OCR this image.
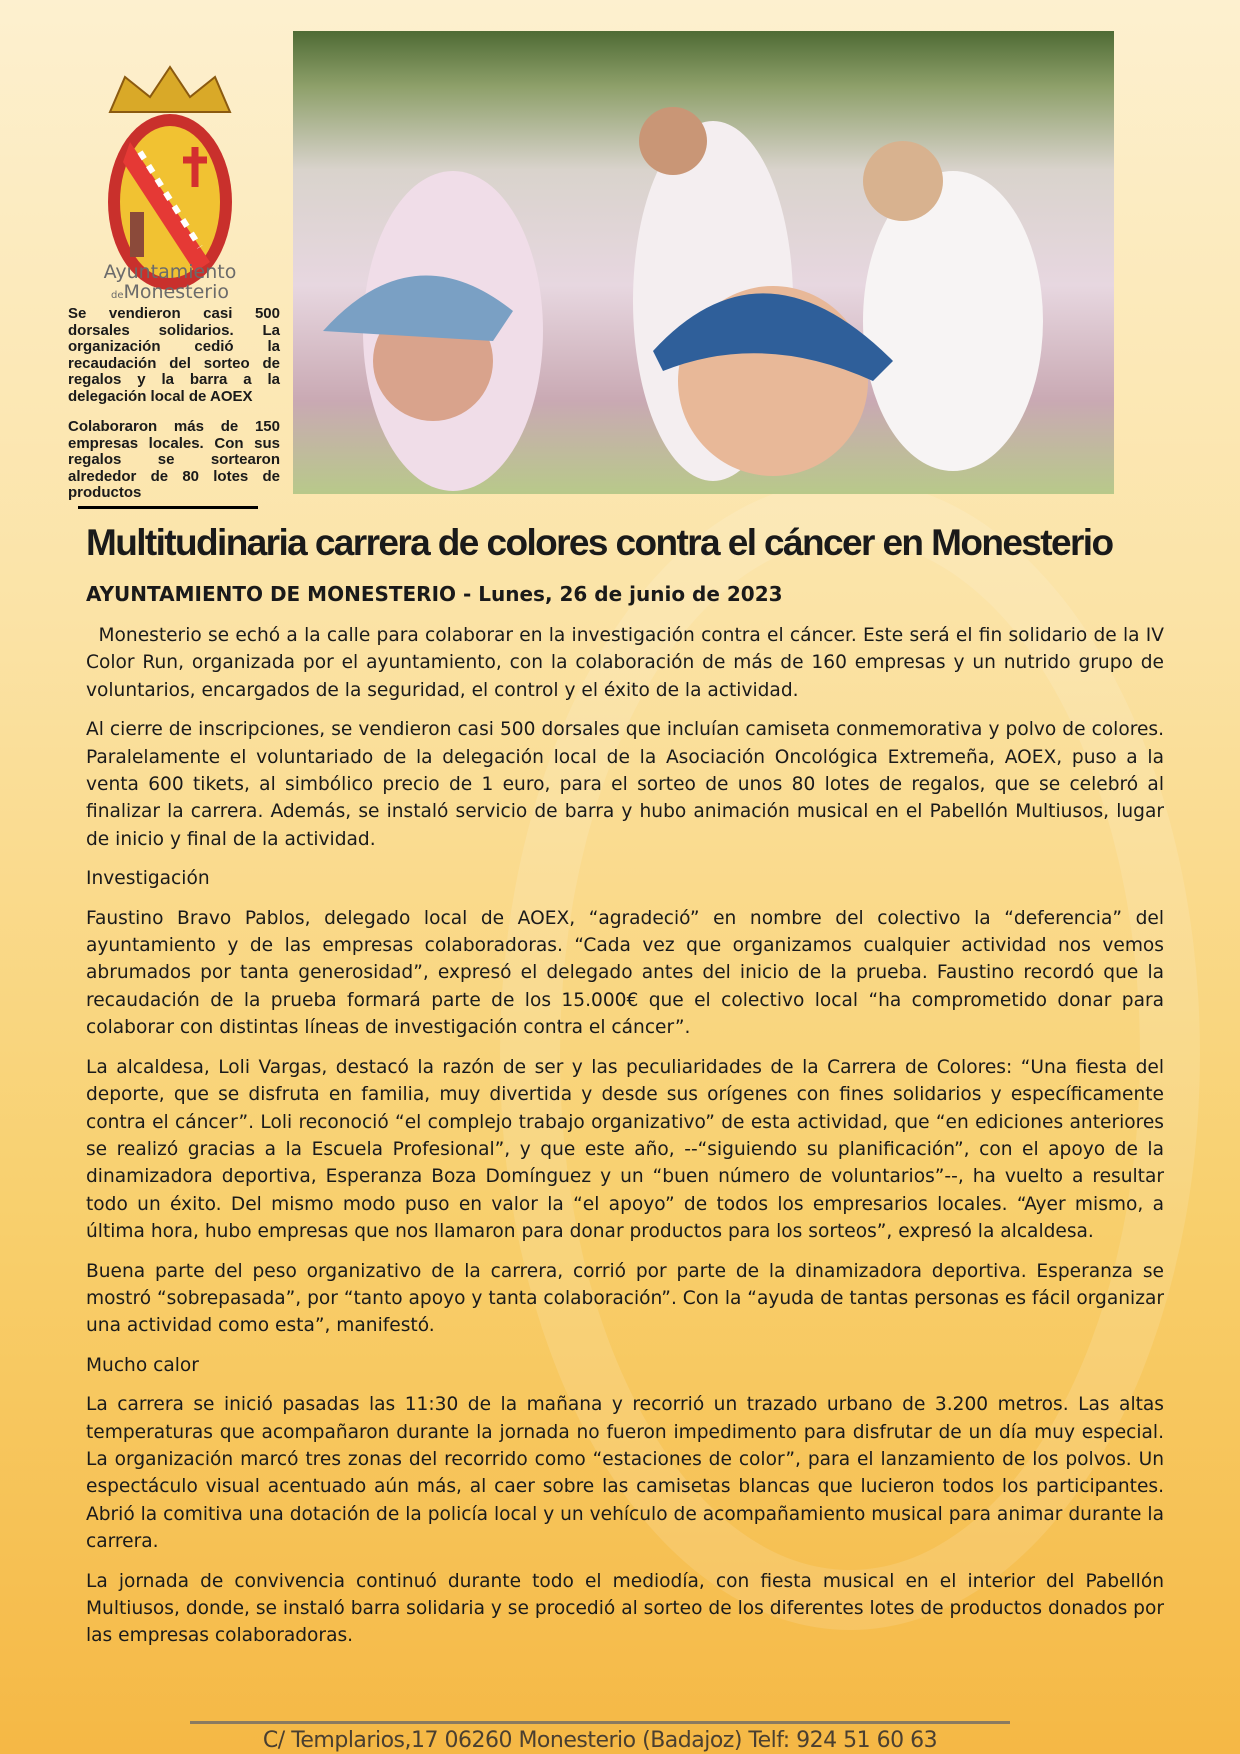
Ayuntamiento
deMonesterio

Se vendieron casi 500 dorsales solidarios. La organización cedió la recaudación del sorteo de regalos y la barra a la delegación local de AOEX

Colaboraron más de 150 empresas locales. Con sus regalos se sortearon alrededor de 80 lotes de productos

Multitudinaria carrera de colores contra el cáncer en Monesterio
AYUNTAMIENTO DE MONESTERIO - Lunes, 26 de junio de 2023

Monesterio se echó a la calle para colaborar en la investigación contra el cáncer. Este será el fin solidario de la IV Color Run, organizada por el ayuntamiento, con la colaboración de más de 160 empresas y un nutrido grupo de voluntarios, encargados de la seguridad, el control y el éxito de la actividad.

Al cierre de inscripciones, se vendieron casi 500 dorsales que incluían camiseta conmemorativa y polvo de colores. Paralelamente el voluntariado de la delegación local de la Asociación Oncológica Extremeña, AOEX, puso a la venta 600 tikets, al simbólico precio de 1 euro, para el sorteo de unos 80 lotes de regalos, que se celebró al finalizar la carrera. Además, se instaló servicio de barra y hubo animación musical en el Pabellón Multiusos, lugar de inicio y final de la actividad.

Investigación

Faustino Bravo Pablos, delegado local de AOEX, “agradeció” en nombre del colectivo la “deferencia” del ayuntamiento y de las empresas colaboradoras. “Cada vez que organizamos cualquier actividad nos vemos abrumados por tanta generosidad”, expresó el delegado antes del inicio de la prueba. Faustino recordó que la recaudación de la prueba formará parte de los 15.000€ que el colectivo local “ha comprometido donar para colaborar con distintas líneas de investigación contra el cáncer”.

La alcaldesa, Loli Vargas, destacó la razón de ser y las peculiaridades de la Carrera de Colores: “Una fiesta del deporte, que se disfruta en familia, muy divertida y desde sus orígenes con fines solidarios y específicamente contra el cáncer”. Loli reconoció “el complejo trabajo organizativo” de esta actividad, que “en ediciones anteriores se realizó gracias a la Escuela Profesional”, y que este año, --“siguiendo su planificación”, con el apoyo de la dinamizadora deportiva, Esperanza Boza Domínguez y un “buen número de voluntarios”--, ha vuelto a resultar todo un éxito. Del mismo modo puso en valor la “el apoyo” de todos los empresarios locales. “Ayer mismo, a última hora, hubo empresas que nos llamaron para donar productos para los sorteos”, expresó la alcaldesa.

Buena parte del peso organizativo de la carrera, corrió por parte de la dinamizadora deportiva. Esperanza se mostró “sobrepasada”, por “tanto apoyo y tanta colaboración”. Con la “ayuda de tantas personas es fácil organizar una actividad como esta”, manifestó.

Mucho calor

La carrera se inició pasadas las 11:30 de la mañana y recorrió un trazado urbano de 3.200 metros. Las altas temperaturas que acompañaron durante la jornada no fueron impedimento para disfrutar de un día muy especial. La organización marcó tres zonas del recorrido como “estaciones de color”, para el lanzamiento de los polvos. Un espectáculo visual acentuado aún más, al caer sobre las camisetas blancas que lucieron todos los participantes. Abrió la comitiva una dotación de la policía local y un vehículo de acompañamiento musical para animar durante la carrera.

La jornada de convivencia continuó durante todo el mediodía, con fiesta musical en el interior del Pabellón Multiusos, donde, se instaló barra solidaria y se procedió al sorteo de los diferentes lotes de productos donados por las empresas colaboradoras.

C/ Templarios,17 06260 Monesterio (Badajoz) Telf: 924 51 60 63
